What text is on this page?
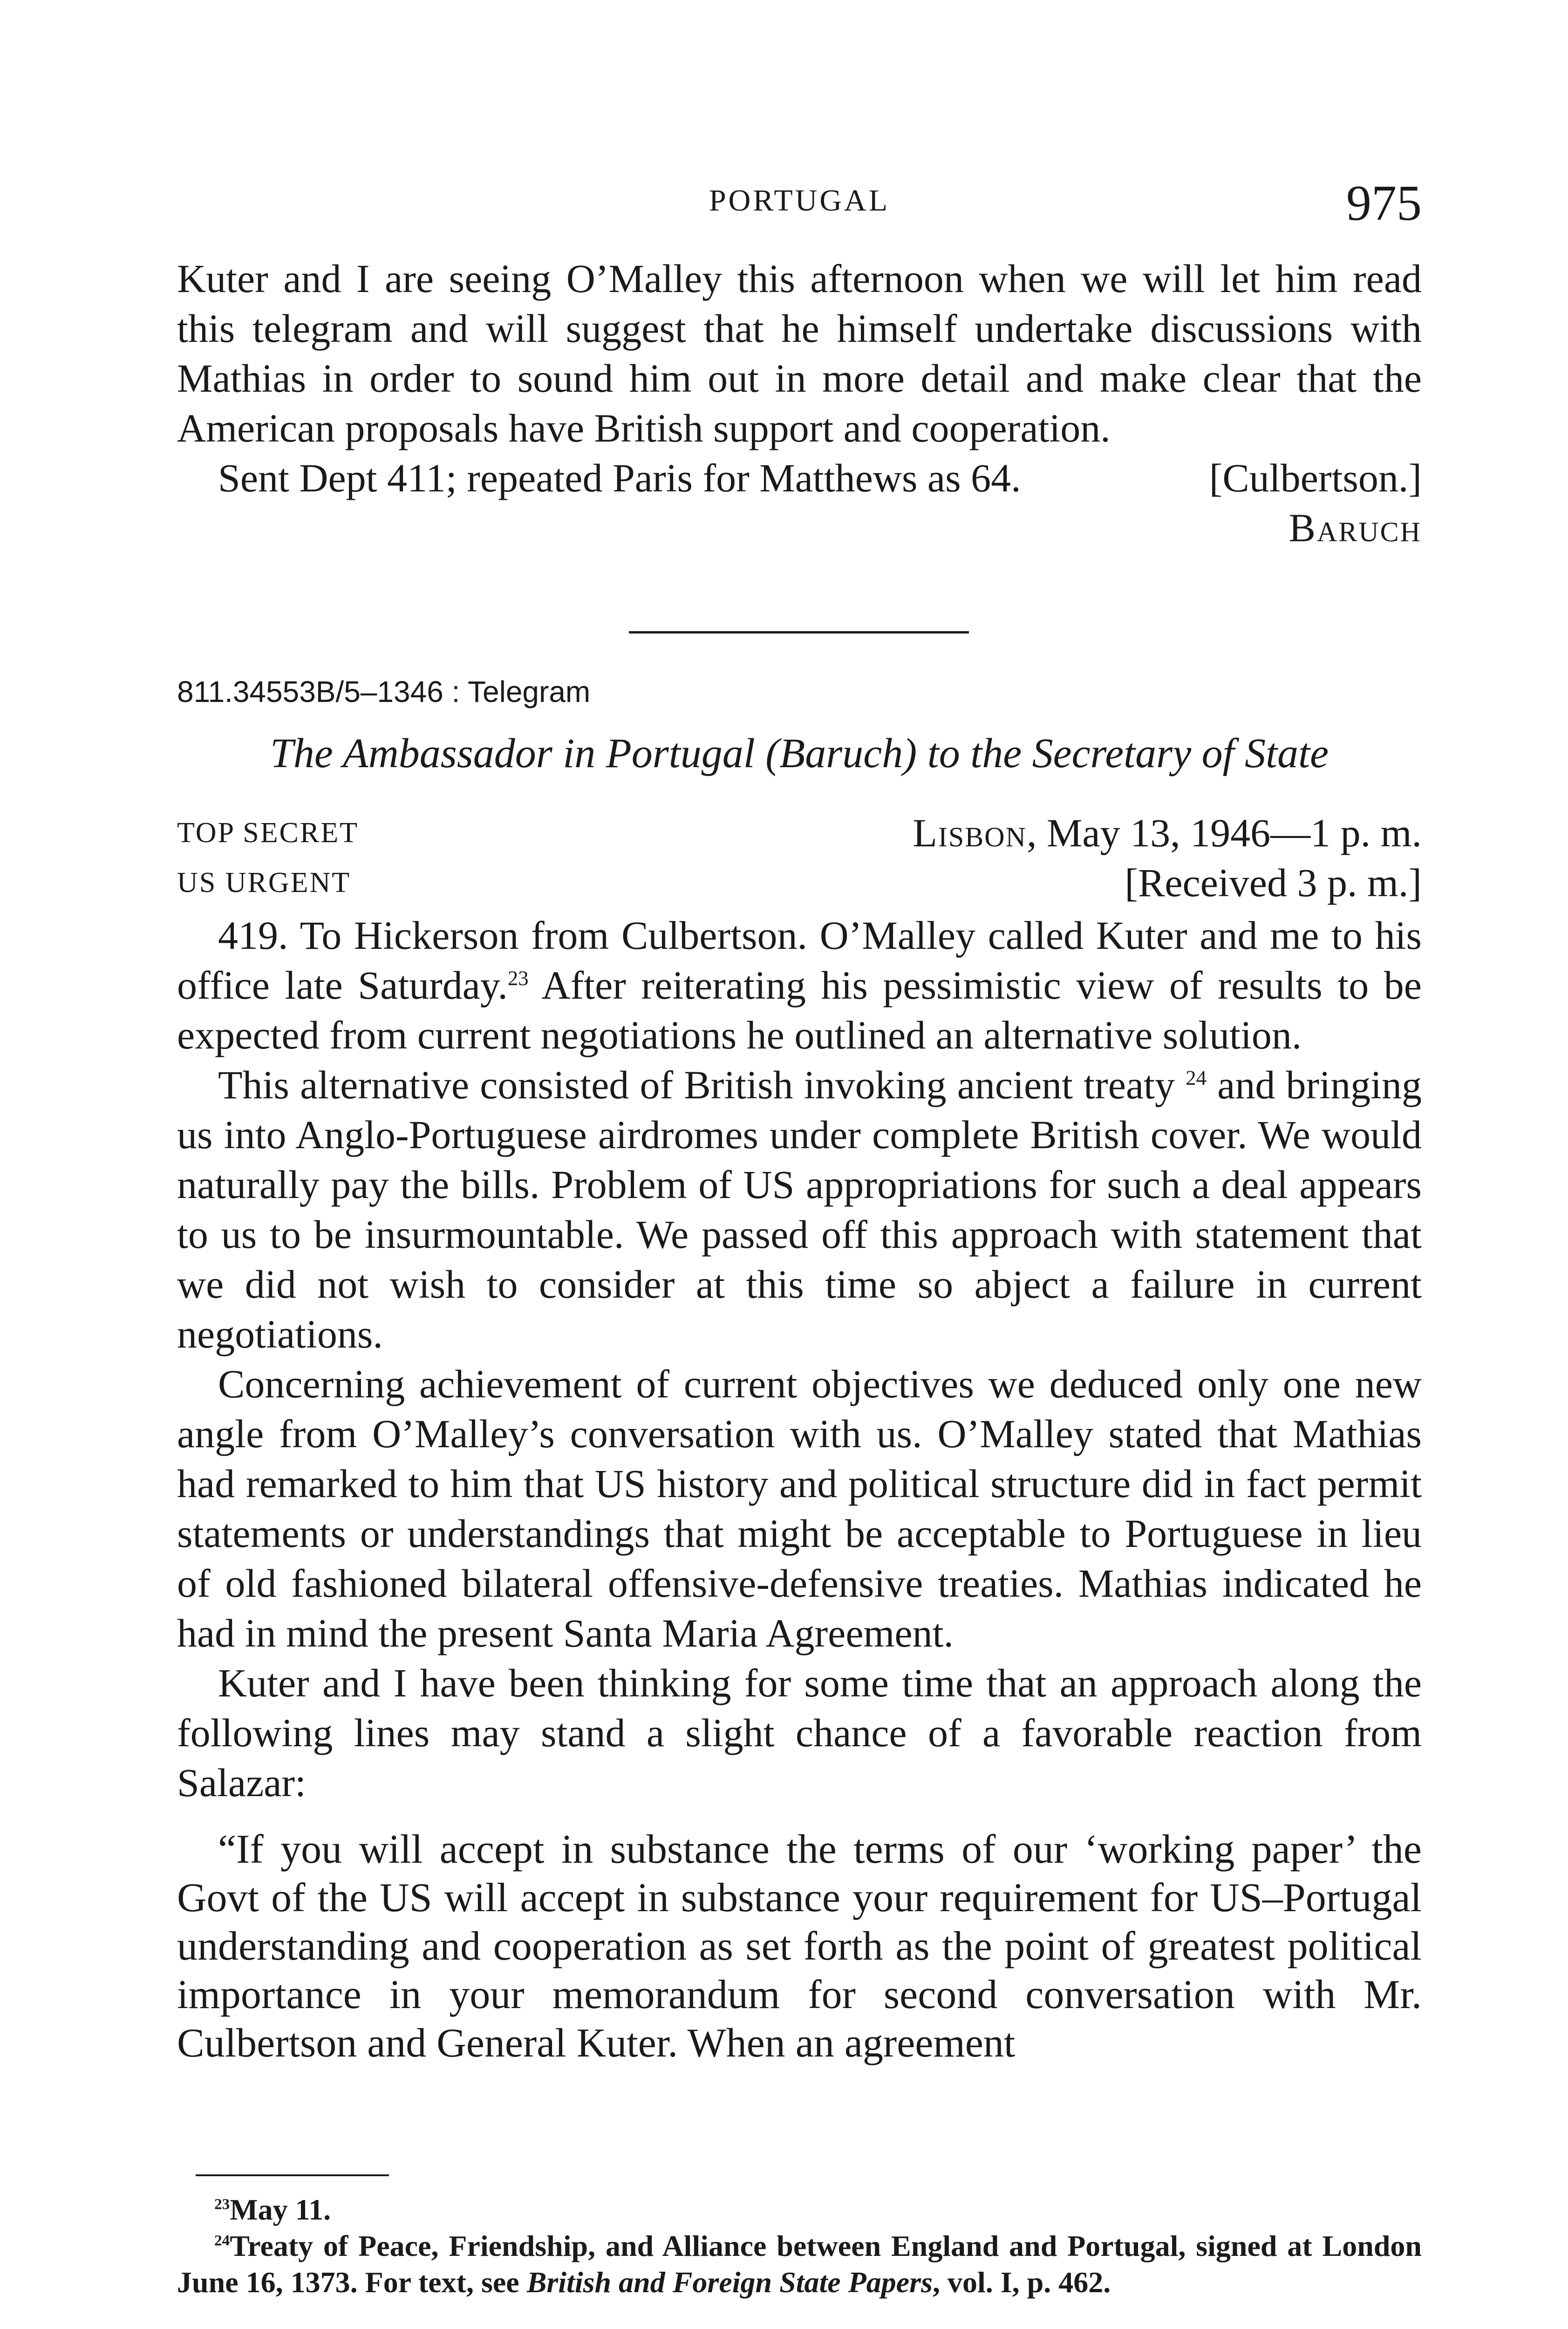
PORTUGAL	975

Kuter and I are seeing O’Malley this afternoon when we will let him read this telegram and will suggest that he himself undertake discussions with Mathias in order to sound him out in more detail and make clear that the American proposals have British support and cooperation.

Sent Dept 411; repeated Paris for Matthews as 64.	[Culbertson.]
Baruch
811.34553B/5–1346 : Telegram
The Ambassador in Portugal (Baruch) to the Secretary of State
TOP SECRET	Lisbon, May 13, 1946—1 p. m.
US URGENT	[Received 3 p. m.]

419. To Hickerson from Culbertson. O’Malley called Kuter and me to his office late Saturday.$^{23}$ After reiterating his pessimistic view of results to be expected from current negotiations he outlined an alternative solution.

This alternative consisted of British invoking ancient treaty $^{24}$ and bringing us into Anglo-Portuguese airdromes under complete British cover. We would naturally pay the bills. Problem of US appropriations for such a deal appears to us to be insurmountable. We passed off this approach with statement that we did not wish to consider at this time so abject a failure in current negotiations.

Concerning achievement of current objectives we deduced only one new angle from O’Malley’s conversation with us. O’Malley stated that Mathias had remarked to him that US history and political structure did in fact permit statements or understandings that might be acceptable to Portuguese in lieu of old fashioned bilateral offensive-defensive treaties. Mathias indicated he had in mind the present Santa Maria Agreement.

Kuter and I have been thinking for some time that an approach along the following lines may stand a slight chance of a favorable reaction from Salazar:

“If you will accept in substance the terms of our ‘working paper’ the Govt of the US will accept in substance your requirement for US–Portugal understanding and cooperation as set forth as the point of greatest political importance in your memorandum for second conversation with Mr. Culbertson and General Kuter. When an agreement

$^{23}$May 11.

$^{24}$Treaty of Peace, Friendship, and Alliance between England and Portugal, signed at London June 16, 1373. For text, see British and Foreign State Papers, vol. I, p. 462.
